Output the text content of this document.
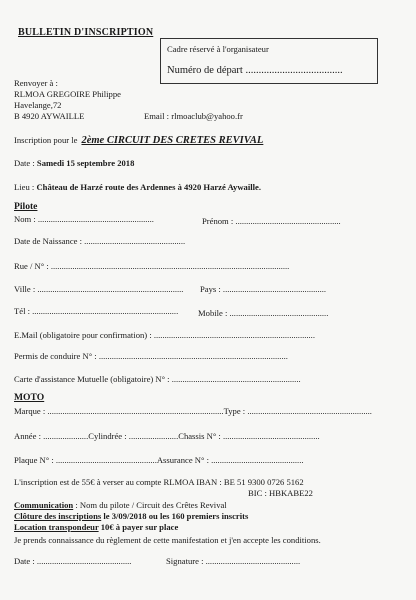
BULLETIN D'INSCRIPTION
Cadre réservé à l'organisateur
Numéro de départ .....................................
Renvoyer à :
RLMOA GREGOIRE Philippe
Havelange,72
B 4920 AYWAILLE	Email : rlmoaclub@yahoo.fr
Inscription pour le 2ème CIRCUIT DES CRETES REVIVAL
Date : Samedi 15 septembre 2018
Lieu : Château de Harzé route des Ardennes à 4920 Harzé Aywaille.
Pilote
Nom : ......................................................	Prénom : .................................................
Date de Naissance : ...............................................
Rue / N° : ...............................................................................................................
Ville : .................................................................... Pays : ................................................
Tél : .................................................................... Mobile : ..............................................
E.Mail (obligatoire pour confirmation) : ...........................................................................
Permis de conduire N° : ........................................................................................
Carte d'assistance Mutuelle (obligatoire) N° : ............................................................
MOTO
Marque : ..................................................................................Type : ..........................................................
Année : .....................Cylindrée : .......................Chassis N° : .............................................
Plaque N° : ...............................................Assurance N° : ...........................................
L'inscription est de 55€ à verser au compte RLMOA IBAN : BE 51 9300 0726 5162
BIC : HBKABE22
Communication : Nom du pilote / Circuit des Crêtes Revival
Clôture des inscriptions le 3/09/2018 ou les 160 premiers inscrits
Location transpondeur 10€ à payer sur place
Je prends connaissance du règlement de cette manifestation et j'en accepte les conditions.
Date : ............................................	Signature : ............................................
